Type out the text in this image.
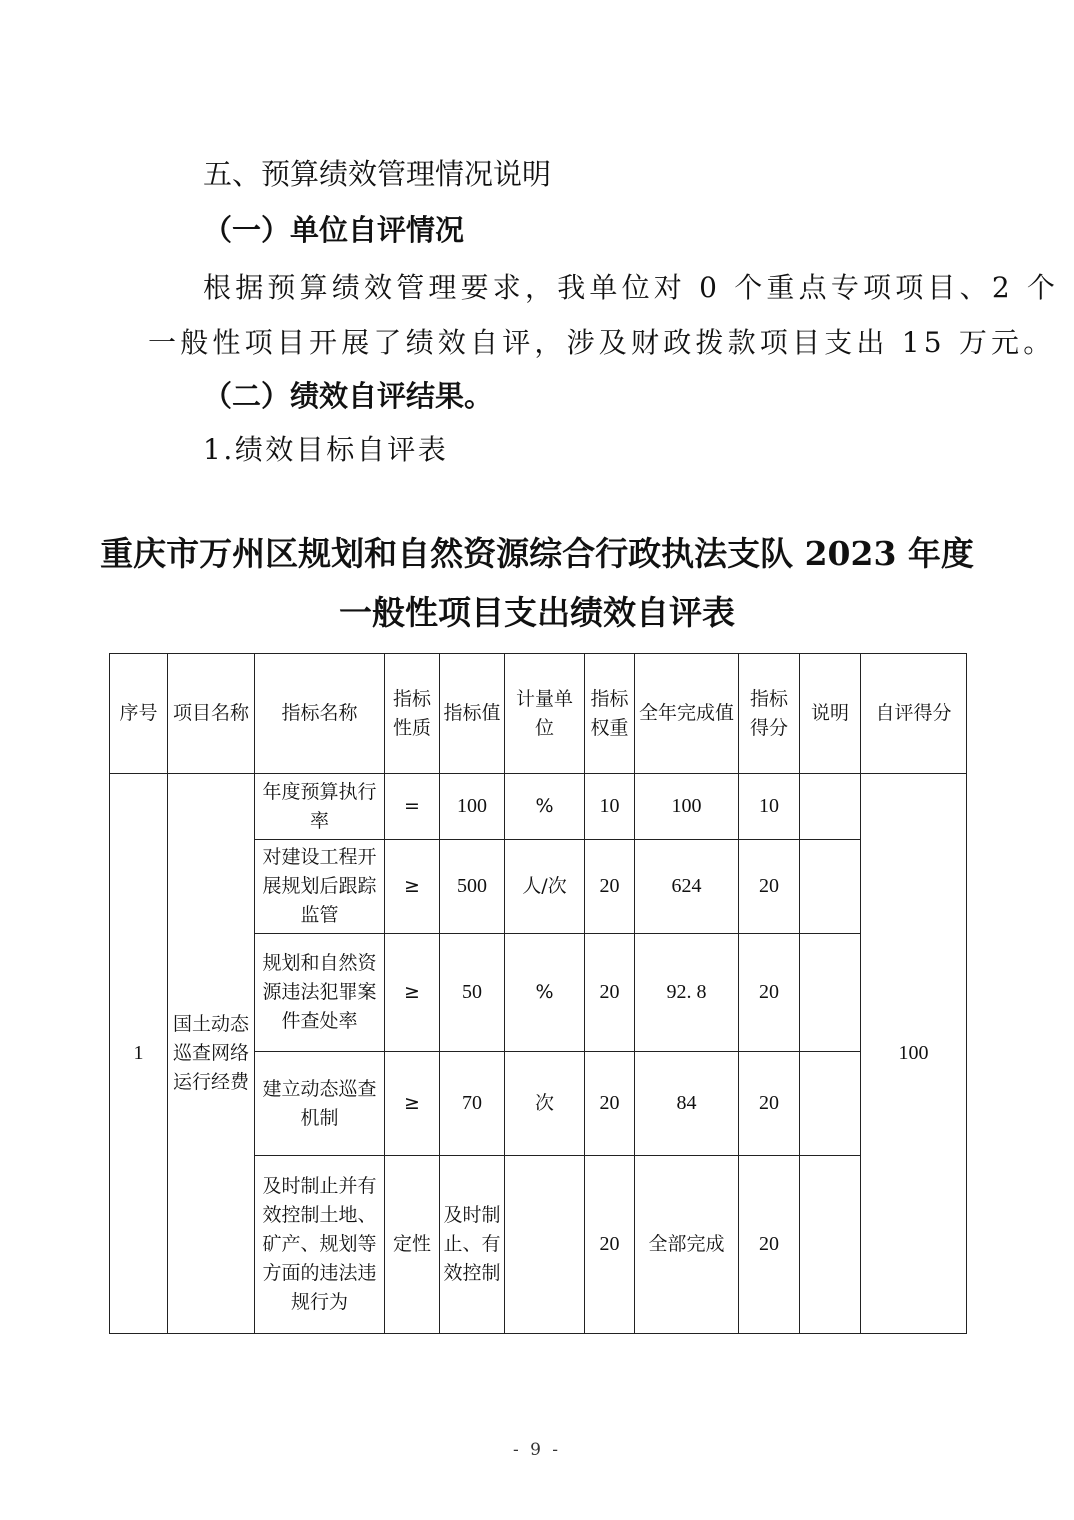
五、预算绩效管理情况说明
（一）单位自评情况
根据预算绩效管理要求，我单位对 0 个重点专项项目、2 个
一般性项目开展了绩效自评，涉及财政拨款项目支出 15 万元。
（二）绩效自评结果。
1.绩效目标自评表
重庆市万州区规划和自然资源综合行政执法支队 2023 年度
一般性项目支出绩效自评表
序号	项目名称	指标名称	指标性质	指标值	计量单位	指标权重	全年完成值	指标得分	说明	自评得分
1	国土动态巡查网络运行经费	年度预算执行率	=	100	%	10	100	10		100
		对建设工程开展规划后跟踪监管	≥	500	人/次	20	624	20		
		规划和自然资源违法犯罪案件查处率	≥	50	%	20	92. 8	20		
		建立动态巡查机制	≥	70	次	20	84	20		
		及时制止并有效控制土地、矿产、规划等方面的违法违规行为	定性	及时制止、有效控制		20	全部完成	20		
- 9 -
